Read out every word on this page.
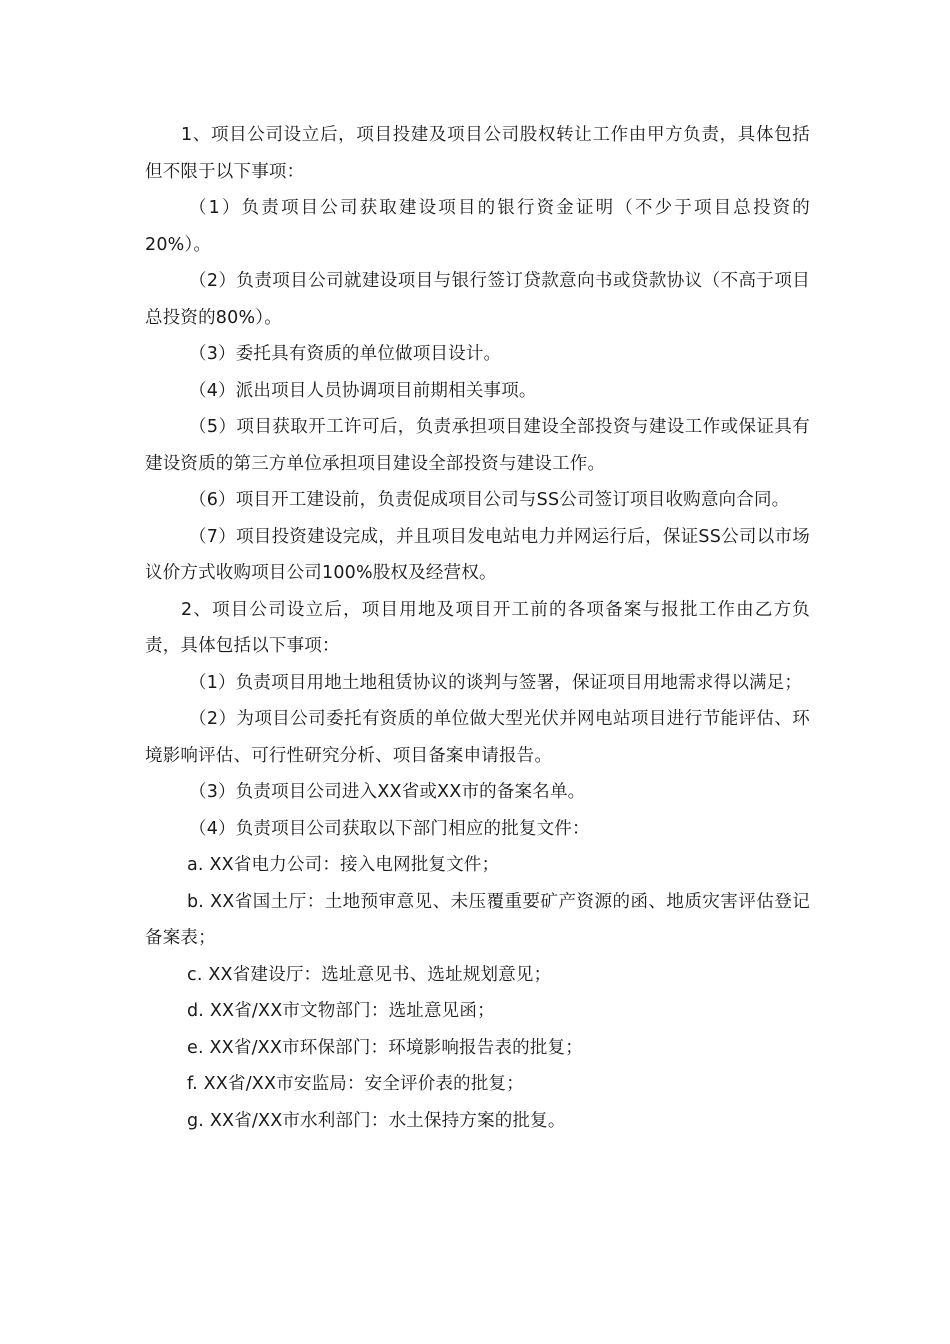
1、项目公司设立后，项目投建及项目公司股权转让工作由甲方负责，具体包括但不限于以下事项：

（1）负责项目公司获取建设项目的银行资金证明（不少于项目总投资的20%）。

（2）负责项目公司就建设项目与银行签订贷款意向书或贷款协议（不高于项目总投资的80%）。

（3）委托具有资质的单位做项目设计。

（4）派出项目人员协调项目前期相关事项。

（5）项目获取开工许可后，负责承担项目建设全部投资与建设工作或保证具有建设资质的第三方单位承担项目建设全部投资与建设工作。

（6）项目开工建设前，负责促成项目公司与SS公司签订项目收购意向合同。

（7）项目投资建设完成，并且项目发电站电力并网运行后，保证SS公司以市场议价方式收购项目公司100%股权及经营权。

2、项目公司设立后，项目用地及项目开工前的各项备案与报批工作由乙方负责，具体包括以下事项：

（1）负责项目用地土地租赁协议的谈判与签署，保证项目用地需求得以满足；

（2）为项目公司委托有资质的单位做大型光伏并网电站项目进行节能评估、环境影响评估、可行性研究分析、项目备案申请报告。

（3）负责项目公司进入XX省或XX市的备案名单。

（4）负责项目公司获取以下部门相应的批复文件：

a. XX省电力公司：接入电网批复文件；

b. XX省国土厅：土地预审意见、未压覆重要矿产资源的函、地质灾害评估登记备案表；

c. XX省建设厅：选址意见书、选址规划意见；

d. XX省/XX市文物部门：选址意见函；

e. XX省/XX市环保部门：环境影响报告表的批复；

f. XX省/XX市安监局：安全评价表的批复；

g. XX省/XX市水利部门：水土保持方案的批复。
